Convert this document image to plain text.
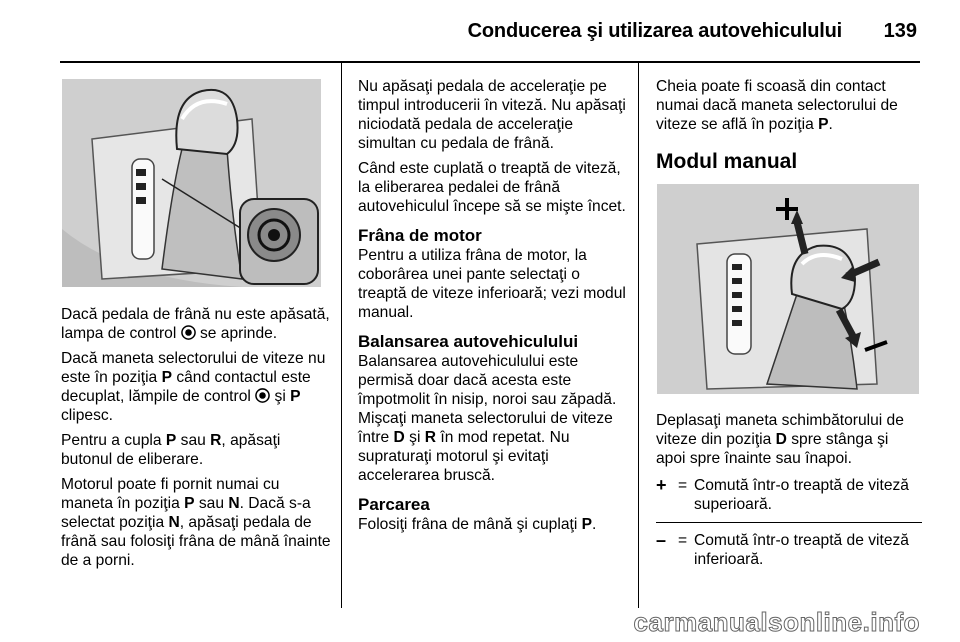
Conducerea şi utilizarea autovehiculului 139

Dacă pedala de frână nu este apăsată, lampa de control se aprinde.

Dacă maneta selectorului de viteze nu este în poziţia P când contactul este decuplat, lămpile de control şi P clipesc.

Pentru a cupla P sau R, apăsaţi butonul de eliberare.

Motorul poate fi pornit numai cu maneta în poziţia P sau N. Dacă s-a selectat poziţia N, apăsaţi pedala de frână sau folosiţi frâna de mână înainte de a porni.

Nu apăsaţi pedala de acceleraţie pe timpul introducerii în viteză. Nu apăsaţi niciodată pedala de acceleraţie simultan cu pedala de frână.

Când este cuplată o treaptă de viteză, la eliberarea pedalei de frână autovehiculul începe să se mişte încet.

Frâna de motor

Pentru a utiliza frâna de motor, la coborârea unei pante selectaţi o treaptă de viteze inferioară; vezi modul manual.

Balansarea autovehiculului

Balansarea autovehiculului este permisă doar dacă acesta este împotmolit în nisip, noroi sau zăpadă. Mişcaţi maneta selectorului de viteze între D şi R în mod repetat. Nu supraturaţi motorul şi evitaţi accelerarea bruscă.

Parcarea

Folosiţi frâna de mână şi cuplaţi P.

Cheia poate fi scoasă din contact numai dacă maneta selectorului de viteze se află în poziţia P.

Modul manual

Deplasaţi maneta schimbătorului de viteze din poziţia D spre stânga şi apoi spre înainte sau înapoi.

+ = Comută într-o treaptă de viteză superioară.
– = Comută într-o treaptă de viteză inferioară.
carmanualsonline.info
